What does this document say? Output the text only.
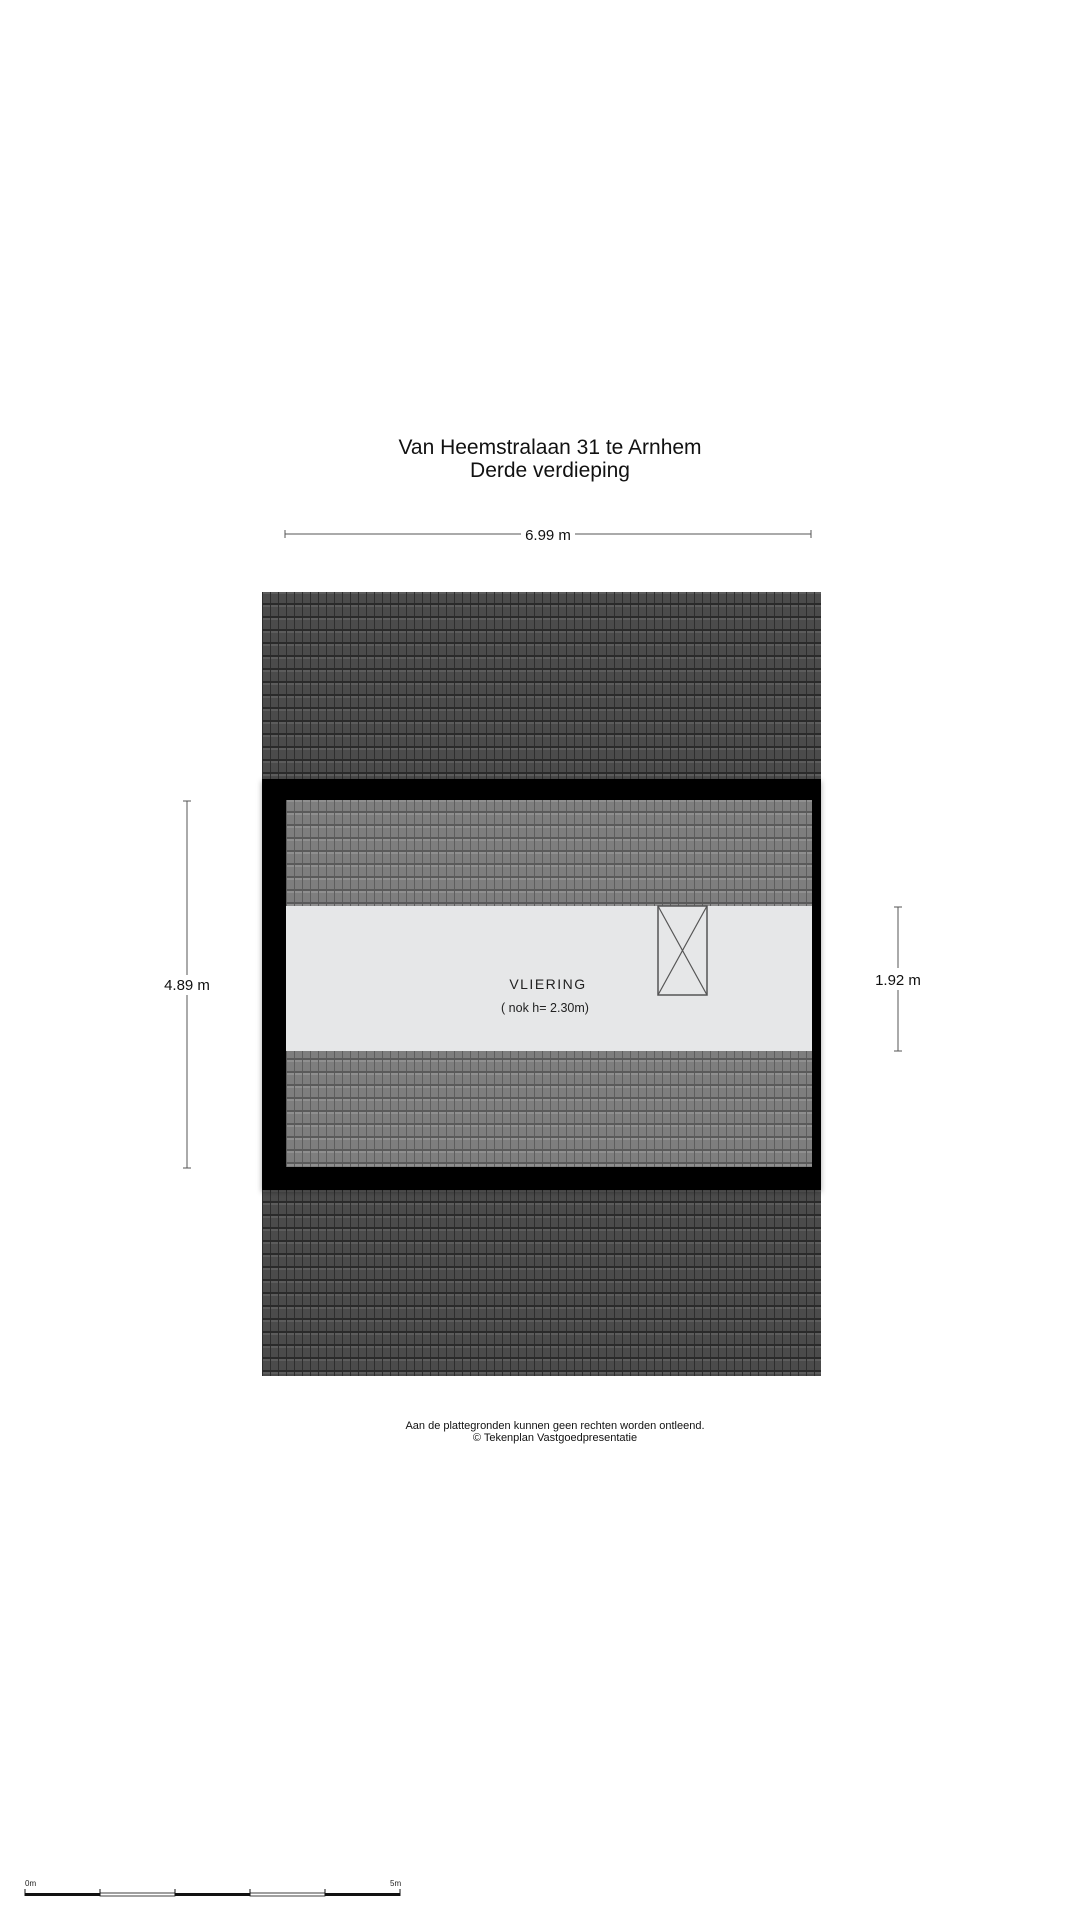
Van Heemstralaan 31 te Arnhem
Derde verdieping
VLIERING
( nok h= 2.30m)
6.99 m
4.89 m	1.92 m
0m	5m
Aan de plattegronden kunnen geen rechten worden ontleend.
© Tekenplan Vastgoedpresentatie
